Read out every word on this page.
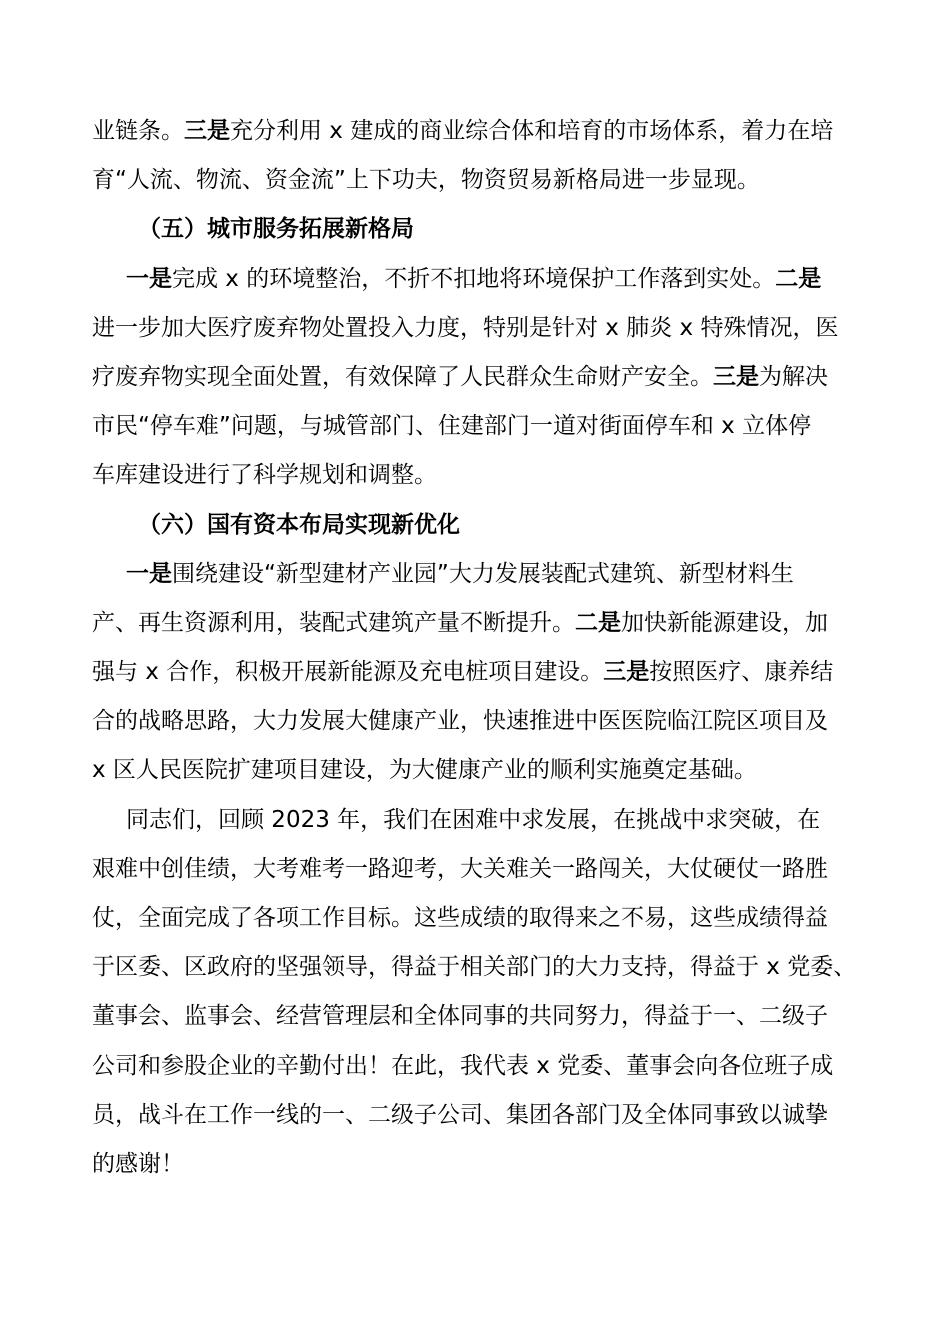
业链条。三是充分利用 x 建成的商业综合体和培育的市场体系，着力在培

育“人流、物流、资金流”上下功夫，物资贸易新格局进一步显现。

（五）城市服务拓展新格局

一是完成 x 的环境整治，不折不扣地将环境保护工作落到实处。二是

进一步加大医疗废弃物处置投入力度，特别是针对 x 肺炎 x 特殊情况，医

疗废弃物实现全面处置，有效保障了人民群众生命财产安全。三是为解决

市民“停车难”问题，与城管部门、住建部门一道对街面停车和 x 立体停

车库建设进行了科学规划和调整。

（六）国有资本布局实现新优化

一是围绕建设“新型建材产业园”大力发展装配式建筑、新型材料生

产、再生资源利用，装配式建筑产量不断提升。二是加快新能源建设，加

强与 x 合作，积极开展新能源及充电桩项目建设。三是按照医疗、康养结

合的战略思路，大力发展大健康产业，快速推进中医医院临江院区项目及

x 区人民医院扩建项目建设，为大健康产业的顺利实施奠定基础。

同志们，回顾 2023 年，我们在困难中求发展，在挑战中求突破，在

艰难中创佳绩，大考难考一路迎考，大关难关一路闯关，大仗硬仗一路胜

仗，全面完成了各项工作目标。这些成绩的取得来之不易，这些成绩得益

于区委、区政府的坚强领导，得益于相关部门的大力支持，得益于 x 党委、

董事会、监事会、经营管理层和全体同事的共同努力，得益于一、二级子

公司和参股企业的辛勤付出！在此，我代表 x 党委、董事会向各位班子成

员，战斗在工作一线的一、二级子公司、集团各部门及全体同事致以诚挚

的感谢！
